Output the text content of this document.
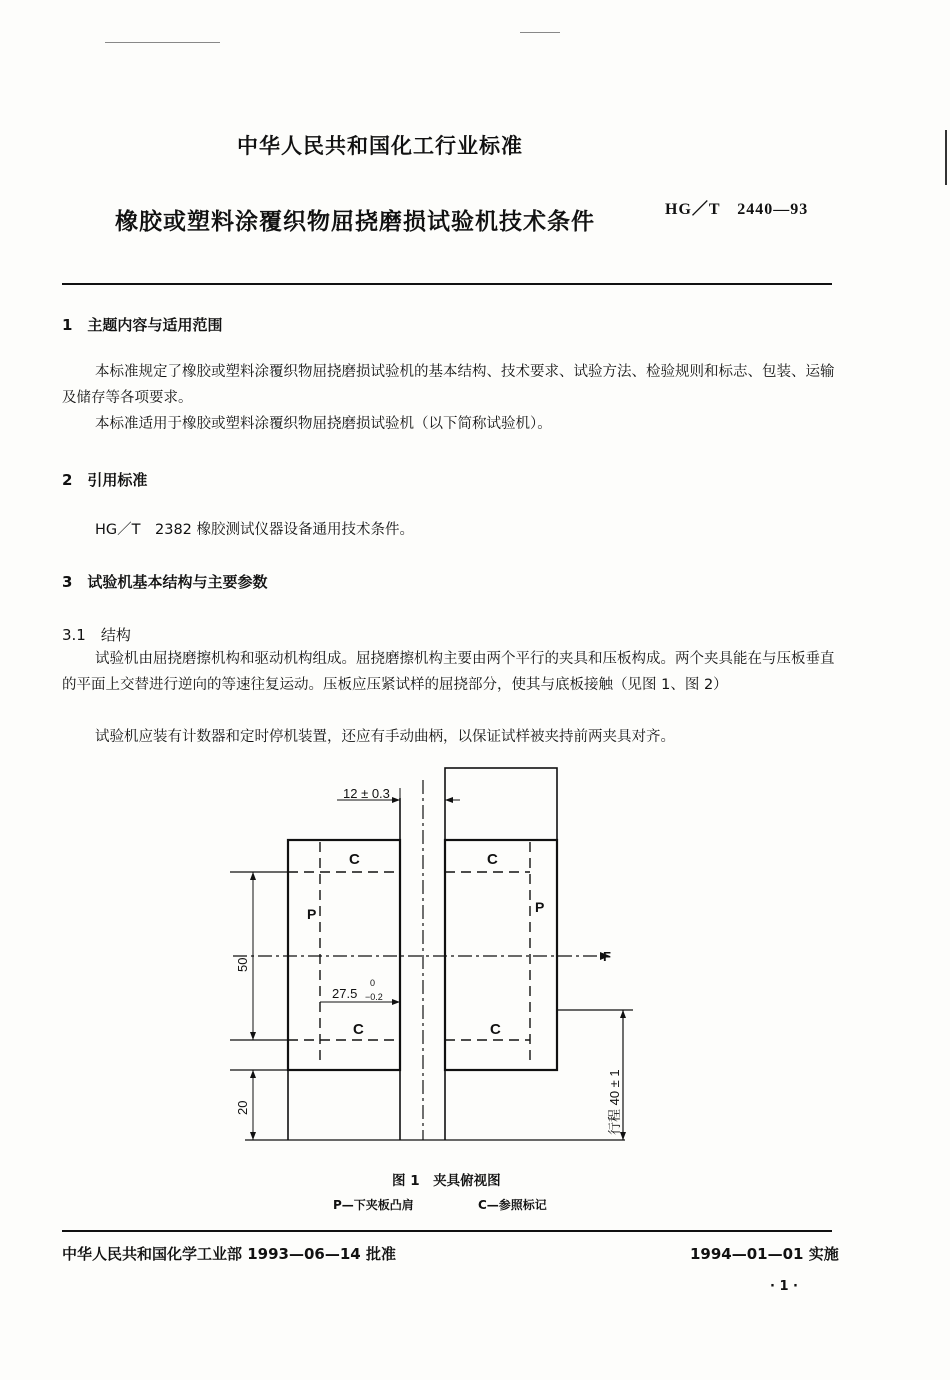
中华人民共和国化工行业标准
橡胶或塑料涂覆织物屈挠磨损试验机技术条件	HG／T　2440—93
1　主题内容与适用范围
本标准规定了橡胶或塑料涂覆织物屈挠磨损试验机的基本结构、技术要求、试验方法、检验规则和标志、包装、运输及储存等各项要求。
本标准适用于橡胶或塑料涂覆织物屈挠磨损试验机（以下简称试验机）。
2　引用标准
HG／T　2382 橡胶测试仪器设备通用技术条件。
3　试验机基本结构与主要参数
3.1　结构
试验机由屈挠磨擦机构和驱动机构组成。屈挠磨擦机构主要由两个平行的夹具和压板构成。两个夹具能在与压板垂直的平面上交替进行逆向的等速往复运动。压板应压紧试样的屈挠部分，使其与底板接触（见图 1、图 2）
试验机应装有计数器和定时停机装置，还应有手动曲柄，以保证试样被夹持前两夹具对齐。
12 ± 0.3
C	C
C	C
P	P
F
50
20
27.5
0
−0.2
行程 40 ± 1
图 1　夹具俯视图
P—下夹板凸肩	C—参照标记
中华人民共和国化学工业部 1993—06—14 批准	1994—01—01 实施
· 1 ·
